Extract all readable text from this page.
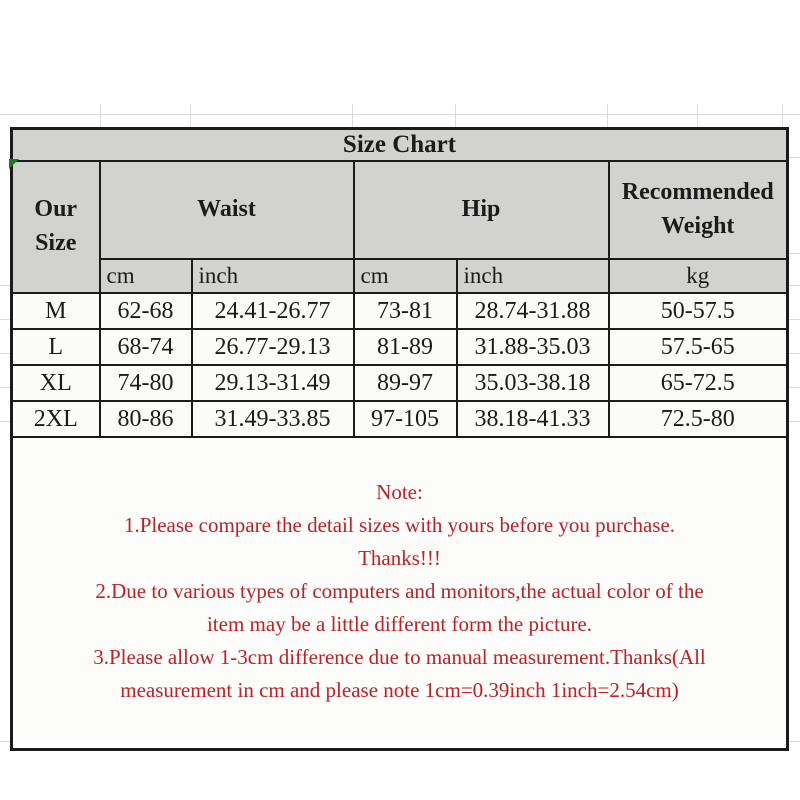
Size Chart					
Our Size	Waist		Hip		Recommended Weight
	cm	inch	cm	inch	kg
M	62-68	24.41-26.77	73-81	28.74-31.88	50-57.5
L	68-74	26.77-29.13	81-89	31.88-35.03	57.5-65
XL	74-80	29.13-31.49	89-97	35.03-38.18	65-72.5
2XL	80-86	31.49-33.85	97-105	38.18-41.33	72.5-80

Note:
1.Please compare the detail sizes with yours before you purchase.
Thanks!!!
2.Due to various types of computers and monitors,the actual color of the
item may be a little different form the picture.
3.Please allow 1-3cm difference due to manual measurement.Thanks(All
measurement in cm and please note 1cm=0.39inch 1inch=2.54cm)
